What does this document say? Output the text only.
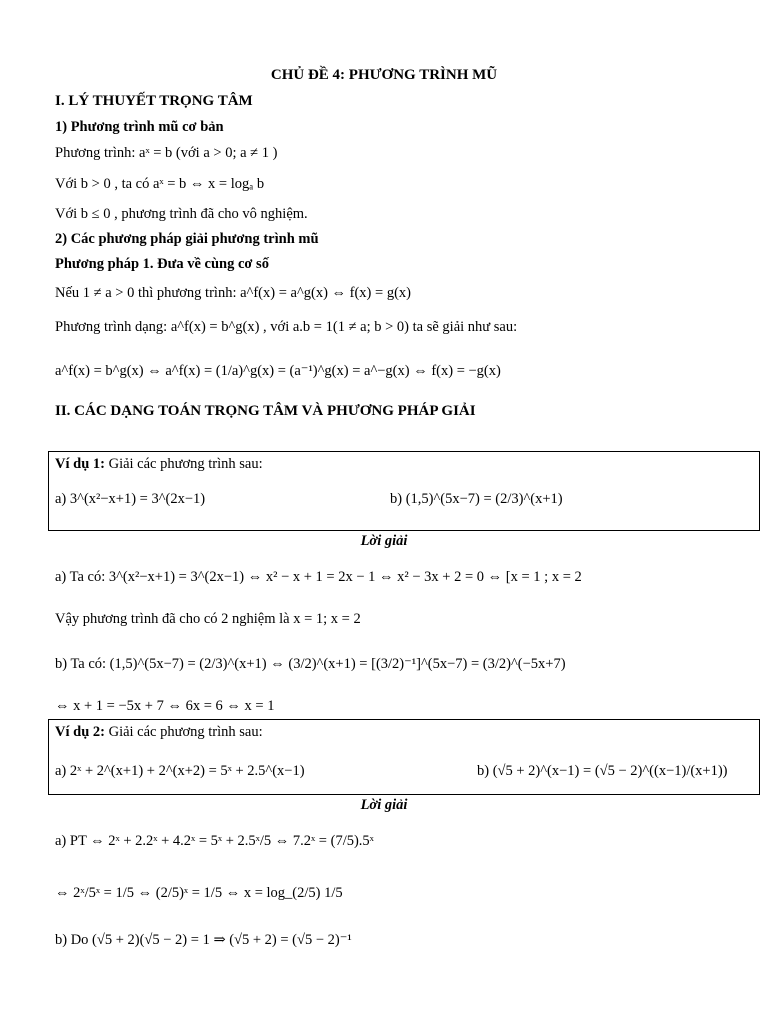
CHỦ ĐỀ 4: PHƯƠNG TRÌNH MŨ
I. LÝ THUYẾT TRỌNG TÂM
1) Phương trình mũ cơ bản
Phương trình: aˣ = b (với a > 0; a ≠ 1 )
Với b > 0 , ta có aˣ = b ⇔ x = logₐ b
Với b ≤ 0 , phương trình đã cho vô nghiệm.
2) Các phương pháp giải phương trình mũ
Phương pháp 1. Đưa về cùng cơ số
Nếu 1 ≠ a > 0 thì phương trình: a^f(x) = a^g(x) ⇔ f(x) = g(x)
Phương trình dạng: a^f(x) = b^g(x) , với a.b = 1(1 ≠ a; b > 0) ta sẽ giải như sau:
a^f(x) = b^g(x) ⇔ a^f(x) = (1/a)^g(x) = (a⁻¹)^g(x) = a^−g(x) ⇔ f(x) = −g(x)
II. CÁC DẠNG TOÁN TRỌNG TÂM VÀ PHƯƠNG PHÁP GIẢI
Ví dụ 1: Giải các phương trình sau:
a) 3^(x²−x+1) = 3^(2x−1)	b) (1,5)^(5x−7) = (2/3)^(x+1)
Lời giải
a) Ta có: 3^(x²−x+1) = 3^(2x−1) ⇔ x² − x + 1 = 2x − 1 ⇔ x² − 3x + 2 = 0 ⇔ [x = 1 ; x = 2
Vậy phương trình đã cho có 2 nghiệm là x = 1; x = 2
b) Ta có: (1,5)^(5x−7) = (2/3)^(x+1) ⇔ (3/2)^(x+1) = [(3/2)⁻¹]^(5x−7) = (3/2)^(−5x+7)
⇔ x + 1 = −5x + 7 ⇔ 6x = 6 ⇔ x = 1
Ví dụ 2: Giải các phương trình sau:
a) 2ˣ + 2^(x+1) + 2^(x+2) = 5ˣ + 2.5^(x−1)	b) (√5 + 2)^(x−1) = (√5 − 2)^((x−1)/(x+1))
Lời giải
a) PT ⇔ 2ˣ + 2.2ˣ + 4.2ˣ = 5ˣ + 2.5ˣ/5 ⇔ 7.2ˣ = (7/5).5ˣ
⇔ 2ˣ/5ˣ = 1/5 ⇔ (2/5)ˣ = 1/5 ⇔ x = log_(2/5) 1/5
b) Do (√5 + 2)(√5 − 2) = 1 ⇒ (√5 + 2) = (√5 − 2)⁻¹
